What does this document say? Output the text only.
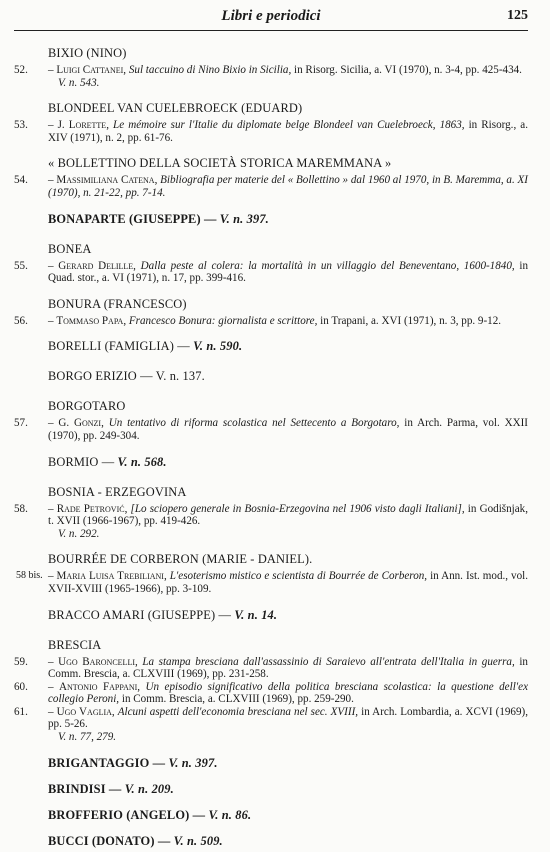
Libri e periodici	125
BIXIO (NINO)
52.	– Luigi Cattanei, Sul taccuino di Nino Bixio in Sicilia, in Risorg. Sicilia, a. VI (1970), n. 3-4, pp. 425-434.
V. n. 543.
BLONDEEL VAN CUELEBROECK (EDUARD)
53.	– J. Lorette, Le mémoire sur l'Italie du diplomate belge Blondeel van Cuelebroeck, 1863, in Risorg., a. XIV (1971), n. 2, pp. 61-76.
« BOLLETTINO DELLA SOCIETÀ STORICA MAREMMANA »
54.	– Massimiliana Catena, Bibliografia per materie del « Bollettino » dal 1960 al 1970, in B. Maremma, a. XI (1970), n. 21-22, pp. 7-14.
BONAPARTE (GIUSEPPE) — V. n. 397.
BONEA
55.	– Gerard Delille, Dalla peste al colera: la mortalità in un villaggio del Beneventano, 1600-1840, in Quad. stor., a. VI (1971), n. 17, pp. 399-416.
BONURA (FRANCESCO)
56.	– Tommaso Papa, Francesco Bonura: giornalista e scrittore, in Trapani, a. XVI (1971), n. 3, pp. 9-12.
BORELLI (FAMIGLIA) — V. n. 590.
BORGO ERIZIO — V. n. 137.
BORGOTARO
57.	– G. Gonzi, Un tentativo di riforma scolastica nel Settecento a Borgotaro, in Arch. Parma, vol. XXII (1970), pp. 249-304.
BORMIO — V. n. 568.
BOSNIA - ERZEGOVINA
58.	– Rade Petrović, [Lo sciopero generale in Bosnia-Erzegovina nel 1906 visto dagli Italiani], in Godišnjak, t. XVII (1966-1967), pp. 419-426.
V. n. 292.
BOURRÉE DE CORBERON (MARIE - DANIEL).
58 bis. – Maria Luisa Trebiliani, L'esoterismo mistico e scientista di Bourrée de Corberon, in Ann. Ist. mod., vol. XVII-XVIII (1965-1966), pp. 3-109.
BRACCO AMARI (GIUSEPPE) — V. n. 14.
BRESCIA
59.	– Ugo Baroncelli, La stampa bresciana dall'assassinio di Saraievo all'entrata dell'Italia in guerra, in Comm. Brescia, a. CLXVIII (1969), pp. 231-258.
60.	– Antonio Fappani, Un episodio significativo della politica bresciana scolastica: la questione dell'ex collegio Peroni, in Comm. Brescia, a. CLXVIII (1969), pp. 259-290.
61.	– Ugo Vaglia, Alcuni aspetti dell'economia bresciana nel sec. XVIII, in Arch. Lombardia, a. XCVI (1969), pp. 5-26.
V. n. 77, 279.
BRIGANTAGGIO — V. n. 397.
BRINDISI — V. n. 209.
BROFFERIO (ANGELO) — V. n. 86.
BUCCI (DONATO) — V. n. 509.
